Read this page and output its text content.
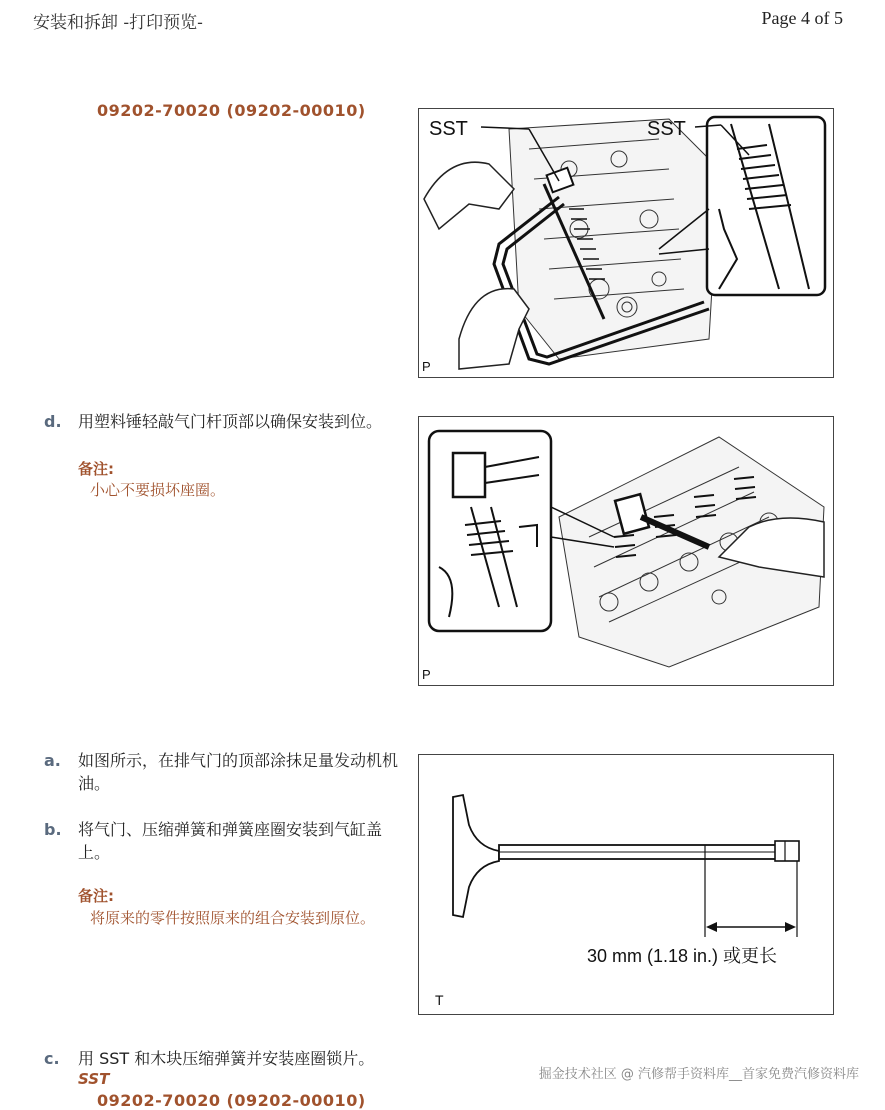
安装和拆卸 -打印预览-	Page 4 of 5
09202-70020 (09202-00010)
SST	SST
P
d. 用塑料锤轻敲气门杆顶部以确保安装到位。
备注:
小心不要损坏座圈。
P
a. 如图所示，在排气门的顶部涂抹足量发动机机油。
b. 将气门、压缩弹簧和弹簧座圈安装到气缸盖上。
备注:
将原来的零件按照原来的组合安装到原位。
30 mm (1.18 in.) 或更长
T
c. 用 SST 和木块压缩弹簧并安装座圈锁片。
SST
09202-70020 (09202-00010)
掘金技术社区 @ 汽修帮手资料库__首家免费汽修资料库
